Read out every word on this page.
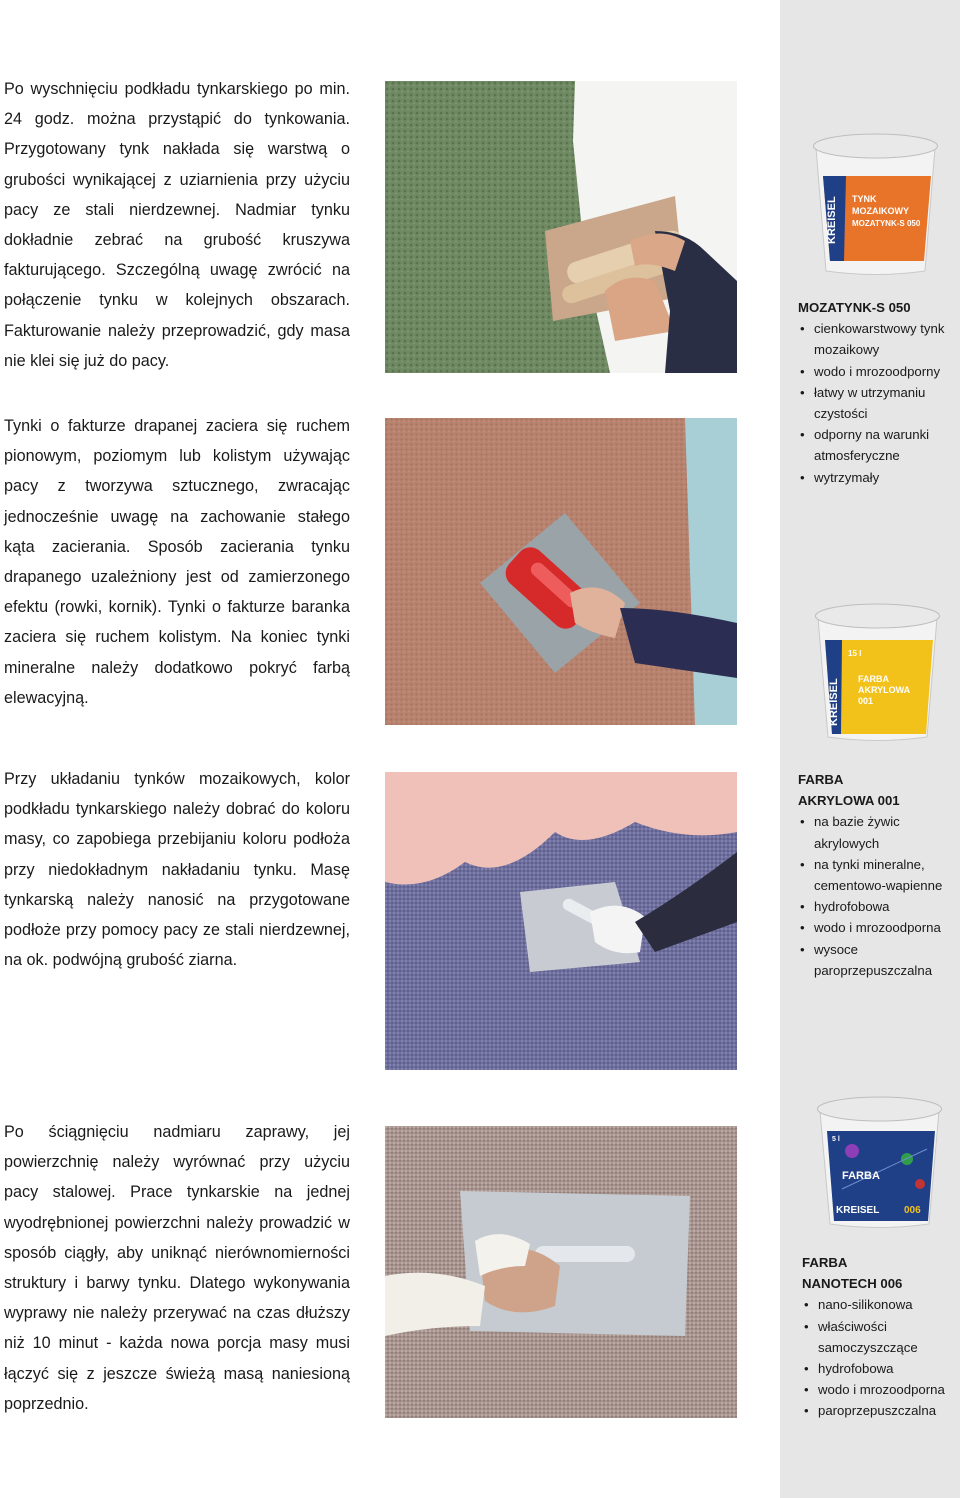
Po wyschnięciu podkładu tynkarskiego po min. 24 godz. można przystąpić do tynkowania. Przygotowany tynk nakłada się warstwą o grubości wynikającej z uziarnienia przy użyciu pacy ze stali nierdzewnej. Nadmiar tynku dokładnie zebrać na grubość kruszywa fakturującego. Szczególną uwagę zwrócić na połączenie tynku w kolejnych obszarach. Fakturowanie należy przeprowadzić, gdy masa nie klei się już do pacy.

Tynki o fakturze drapanej zaciera się ruchem pionowym, poziomym lub kolistym używając pacy z tworzywa sztucznego, zwracając jednocześnie uwagę na zachowanie stałego kąta zacierania. Sposób zacierania tynku drapanego uzależniony jest od zamierzonego efektu (rowki, kornik). Tynki o fakturze baranka zaciera się ruchem kolistym. Na koniec tynki mineralne należy dodatkowo pokryć farbą elewacyjną.

Przy układaniu tynków mozaikowych, kolor podkładu tynkarskiego należy dobrać do koloru masy, co zapobiega przebijaniu koloru podłoża przy niedokładnym nakładaniu tynku. Masę tynkarską należy nanosić na przygotowane podłoże przy pomocy pacy ze stali nierdzewnej, na ok. podwójną grubość ziarna.

Po ściągnięciu nadmiaru zaprawy, jej powierzchnię należy wyrównać przy użyciu pacy stalowej. Prace tynkarskie na jednej wyodrębnionej powierzchni należy prowadzić w sposób ciągły, aby uniknąć nierównomierności struktury i barwy tynku. Dlatego wykonywania wyprawy nie należy przerywać na czas dłuższy niż 10 minut - każda nowa porcja masy musi łączyć się z jeszcze świeżą masą naniesioną poprzednio.

KREISEL TYNK
MOZAIKOWY
MOZATYNK-S 050
MOZATYNK-S 050
• cienkowarstwowy tynk mozaikowy
• wodo i mrozoodporny
• łatwy w utrzymaniu czystości
• odporny na warunki atmosferyczne
• wytrzymały
KREISEL
15 l
FARBA
AKRYLOWA
001
FARBA
AKRYLOWA 001
• na bazie żywic akrylowych
• na tynki mineralne, cementowo-wapienne
• hydrofobowa
• wodo i mrozoodporna
• wysoce paroprzepuszczalna
5 l
FARBA
KREISEL 006
FARBA
NANOTECH 006
• nano-silikonowa
• właściwości samoczyszczące
• hydrofobowa
• wodo i mrozoodporna
• paroprzepuszczalna
